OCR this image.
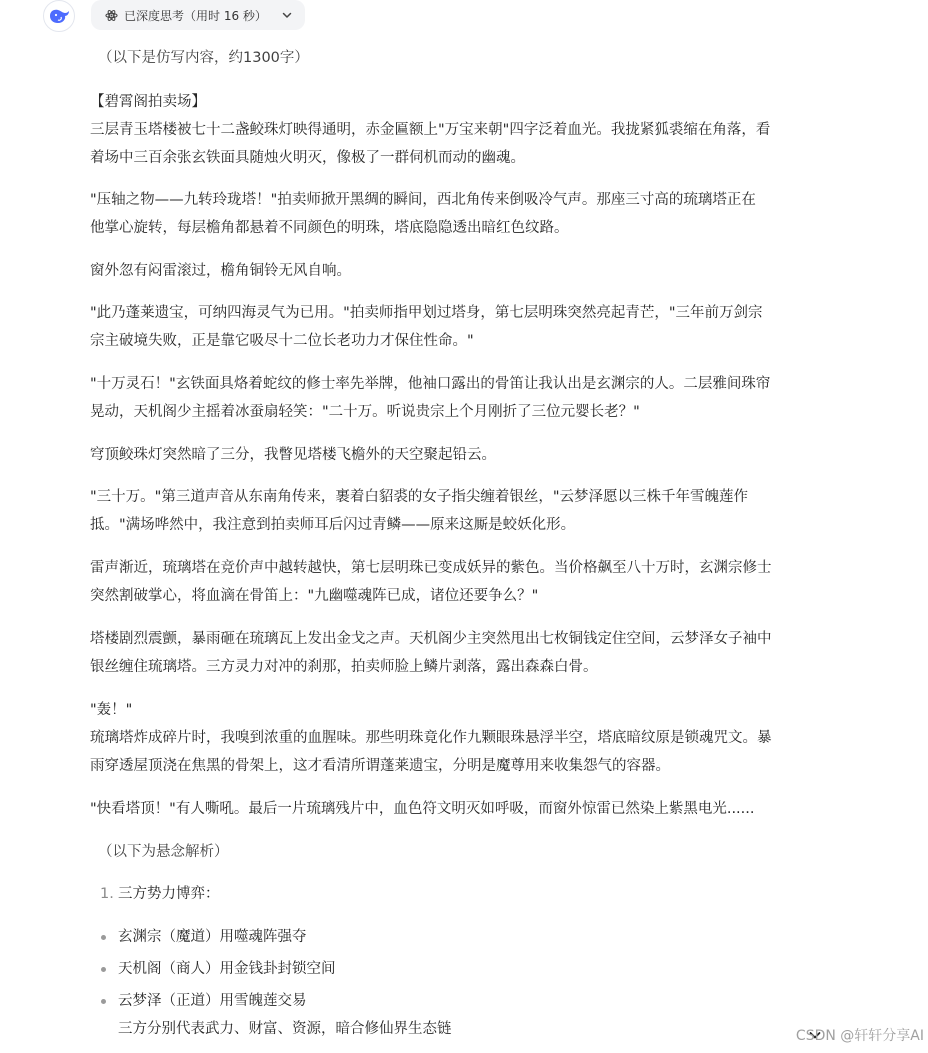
已深度思考（用时 16 秒）
（以下是仿写内容，约1300字）
【碧霄阁拍卖场】
三层青玉塔楼被七十二盏鲛珠灯映得通明，赤金匾额上"万宝来朝"四字泛着血光。我拢紧狐裘缩在角落，看
着场中三百余张玄铁面具随烛火明灭，像极了一群伺机而动的幽魂。
"压轴之物——九转玲珑塔！"拍卖师掀开黑绸的瞬间，西北角传来倒吸冷气声。那座三寸高的琉璃塔正在
他掌心旋转，每层檐角都悬着不同颜色的明珠，塔底隐隐透出暗红色纹路。
窗外忽有闷雷滚过，檐角铜铃无风自响。
"此乃蓬莱遗宝，可纳四海灵气为已用。"拍卖师指甲划过塔身，第七层明珠突然亮起青芒，"三年前万剑宗
宗主破境失败，正是靠它吸尽十二位长老功力才保住性命。"
"十万灵石！"玄铁面具烙着蛇纹的修士率先举牌，他袖口露出的骨笛让我认出是玄渊宗的人。二层雅间珠帘
晃动，天机阁少主摇着冰蚕扇轻笑："二十万。听说贵宗上个月刚折了三位元婴长老？"
穹顶鲛珠灯突然暗了三分，我瞥见塔楼飞檐外的天空聚起铅云。
"三十万。"第三道声音从东南角传来，裹着白貂裘的女子指尖缠着银丝，"云梦泽愿以三株千年雪魄莲作
抵。"满场哗然中，我注意到拍卖师耳后闪过青鳞——原来这厮是蛟妖化形。
雷声渐近，琉璃塔在竞价声中越转越快，第七层明珠已变成妖异的紫色。当价格飙至八十万时，玄渊宗修士
突然割破掌心，将血滴在骨笛上："九幽噬魂阵已成，诸位还要争么？"
塔楼剧烈震颤，暴雨砸在琉璃瓦上发出金戈之声。天机阁少主突然甩出七枚铜钱定住空间，云梦泽女子袖中
银丝缠住琉璃塔。三方灵力对冲的刹那，拍卖师脸上鳞片剥落，露出森森白骨。
"轰！"
琉璃塔炸成碎片时，我嗅到浓重的血腥味。那些明珠竟化作九颗眼珠悬浮半空，塔底暗纹原是锁魂咒文。暴
雨穿透屋顶浇在焦黑的骨架上，这才看清所谓蓬莱遗宝，分明是魔尊用来收集怨气的容器。
"快看塔顶！"有人嘶吼。最后一片琉璃残片中，血色符文明灭如呼吸，而窗外惊雷已然染上紫黑电光......
（以下为悬念解析）
1. 三方势力博弈：
玄渊宗（魔道）用噬魂阵强夺
天机阁（商人）用金钱卦封锁空间
云梦泽（正道）用雪魄莲交易
三方分别代表武力、财富、资源，暗合修仙界生态链	CSDN @轩轩分享AI
